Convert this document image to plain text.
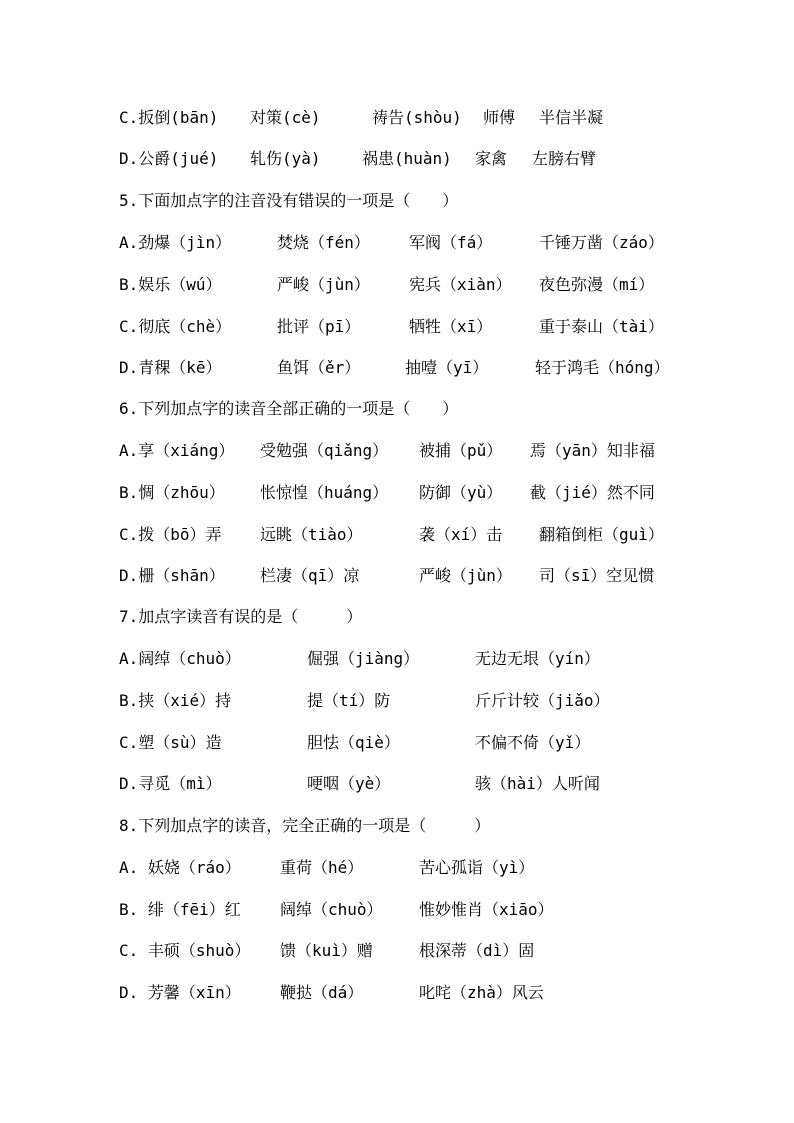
C.扳倒(bān) 对策(cè)	祷告(shòu) 师傅 半信半凝
D.公爵(jué) 轧伤(yà)	祸患(huàn) 家禽 左膀右臂
5.下面加点字的注音没有错误的一项是（　　）
A.劲爆（jìn）	焚烧（fén） 军阀（fá）	千锤万凿（záo）
B.娱乐（wú）	严峻（jùn） 宪兵（xiàn） 夜色弥漫（mí）
C.彻底（chè）	批评（pī）	牺牲（xī）	重于泰山（tài）
D.青稞（kē）	鱼饵（ěr）	抽噎（yī）	轻于鸿毛（hóng）
6.下列加点字的读音全部正确的一项是（　　）
A.享（xiáng） 受勉强（qiǎng） 被捕（pǔ） 焉（yān）知非福
B.惆（zhōu） 怅惊惶（huáng） 防御（yù） 截（jié）然不同
C.拨（bō）弄 远眺（tiào）	袭（xí）击 翻箱倒柜（guì）
D.栅（shān） 栏凄（qī）凉	严峻（jùn） 司（sī）空见惯
7.加点字读音有误的是（　　　）
A.阔绰（chuò）	倔强（jiàng）	无边无垠（yín）
B.挟（xié）持	提（tí）防	斤斤计较（jiǎo）
C.塑（sù）造	胆怯（qiè）	不偏不倚（yǐ）
D.寻觅（mì）	哽咽（yè）	骇（hài）人听闻
8.下列加点字的读音，完全正确的一项是（　　　）
A. 妖娆（ráo） 重荷（hé）	苦心孤诣（yì）
B. 绯（fēi）红 阔绰（chuò） 惟妙惟肖（xiāo）
C. 丰硕（shuò） 馈（kuì）赠	根深蒂（dì）固
D. 芳馨（xīn） 鞭挞（dá）	叱咤（zhà）风云
